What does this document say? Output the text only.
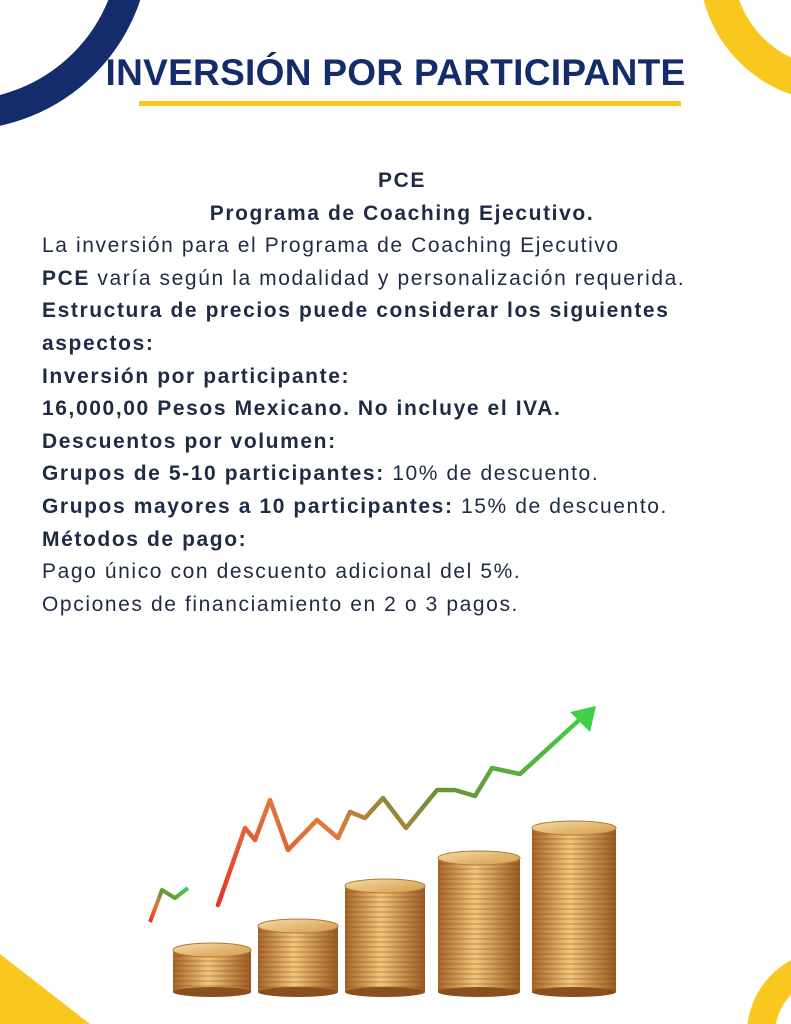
INVERSIÓN POR PARTICIPANTE

PCE

Programa de Coaching Ejecutivo.

La inversión para el Programa de Coaching Ejecutivo
PCE varía según la modalidad y personalización requerida.

Estructura de precios puede considerar los siguientes aspectos:

Inversión por participante:

16,000,00 Pesos Mexicano. No incluye el IVA.

Descuentos por volumen:

Grupos de 5-10 participantes: 10% de descuento.

Grupos mayores a 10 participantes: 15% de descuento.

Métodos de pago:

Pago único con descuento adicional del 5%.

Opciones de financiamiento en 2 o 3 pagos.
